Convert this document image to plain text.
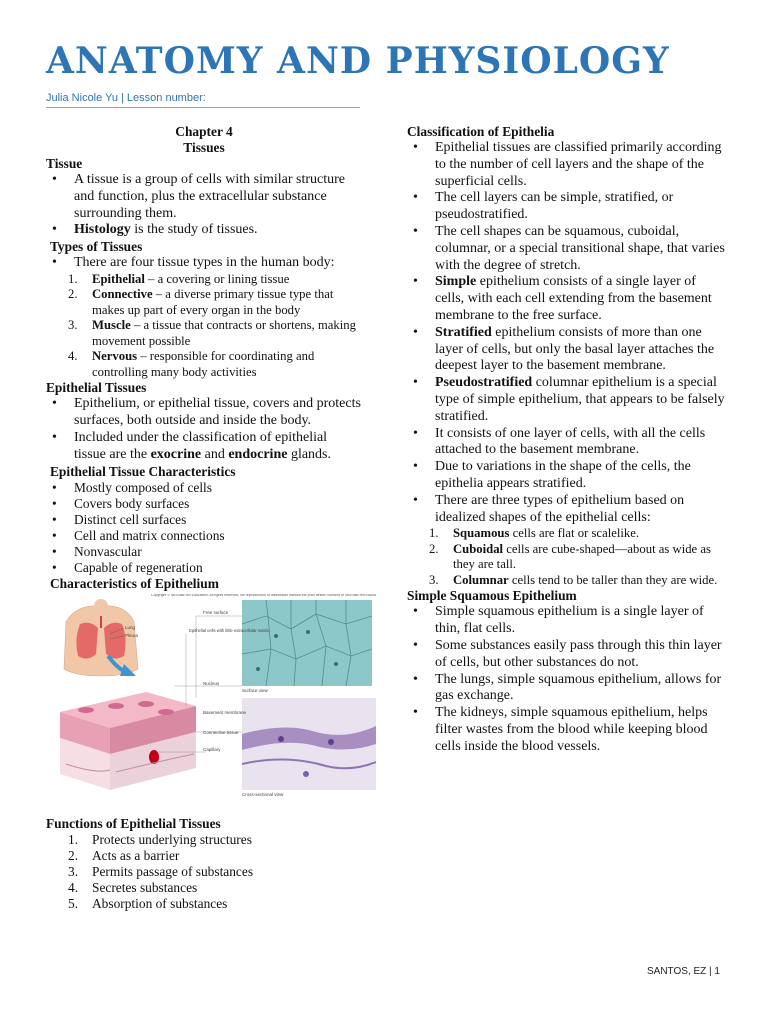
ANATOMY AND PHYSIOLOGY
Julia Nicole Yu | Lesson number:
Chapter 4
Tissues
Tissue
• A tissue is a group of cells with similar structure and function, plus the extracellular substance surrounding them.
• Histology is the study of tissues.
Types of Tissues
• There are four tissue types in the human body:
1. Epithelial – a covering or lining tissue
2. Connective – a diverse primary tissue type that makes up part of every organ in the body
3. Muscle – a tissue that contracts or shortens, making movement possible
4. Nervous – responsible for coordinating and controlling many body activities
Epithelial Tissues
• Epithelium, or epithelial tissue, covers and protects surfaces, both outside and inside the body.
• Included under the classification of epithelial tissue are the exocrine and endocrine glands.
Epithelial Tissue Characteristics
• Mostly composed of cells
• Covers body surfaces
• Distinct cell surfaces
• Cell and matrix connections
• Nonvascular
• Capable of regeneration
Characteristics of Epithelium
Copyright © McGraw-Hill Education. All rights reserved. No reproduction or distribution without the prior written consent of McGraw-Hill Education.
Lung
Pleura
Surface view
Cross-sectional view
Free surface
Epithelial cells with little extracellular matrix
Nucleus
Basement membrane
Connective tissue
Capillary
Functions of Epithelial Tissues
1. Protects underlying structures
2. Acts as a barrier
3. Permits passage of substances
4. Secretes substances
5. Absorption of substances
Classification of Epithelia
• Epithelial tissues are classified primarily according to the number of cell layers and the shape of the superficial cells.
• The cell layers can be simple, stratified, or pseudostratified.
• The cell shapes can be squamous, cuboidal, columnar, or a special transitional shape, that varies with the degree of stretch.
• Simple epithelium consists of a single layer of cells, with each cell extending from the basement membrane to the free surface.
• Stratified epithelium consists of more than one layer of cells, but only the basal layer attaches the deepest layer to the basement membrane.
• Pseudostratified columnar epithelium is a special type of simple epithelium, that appears to be falsely stratified.
• It consists of one layer of cells, with all the cells attached to the basement membrane.
• Due to variations in the shape of the cells, the epithelia appears stratified.
• There are three types of epithelium based on idealized shapes of the epithelial cells:
1. Squamous cells are flat or scalelike.
2. Cuboidal cells are cube-shaped—about as wide as they are tall.
3. Columnar cells tend to be taller than they are wide.
Simple Squamous Epithelium
• Simple squamous epithelium is a single layer of thin, flat cells.
• Some substances easily pass through this thin layer of cells, but other substances do not.
• The lungs, simple squamous epithelium, allows for gas exchange.
• The kidneys, simple squamous epithelium, helps filter wastes from the blood while keeping blood cells inside the blood vessels.
SANTOS, EZ | 1
